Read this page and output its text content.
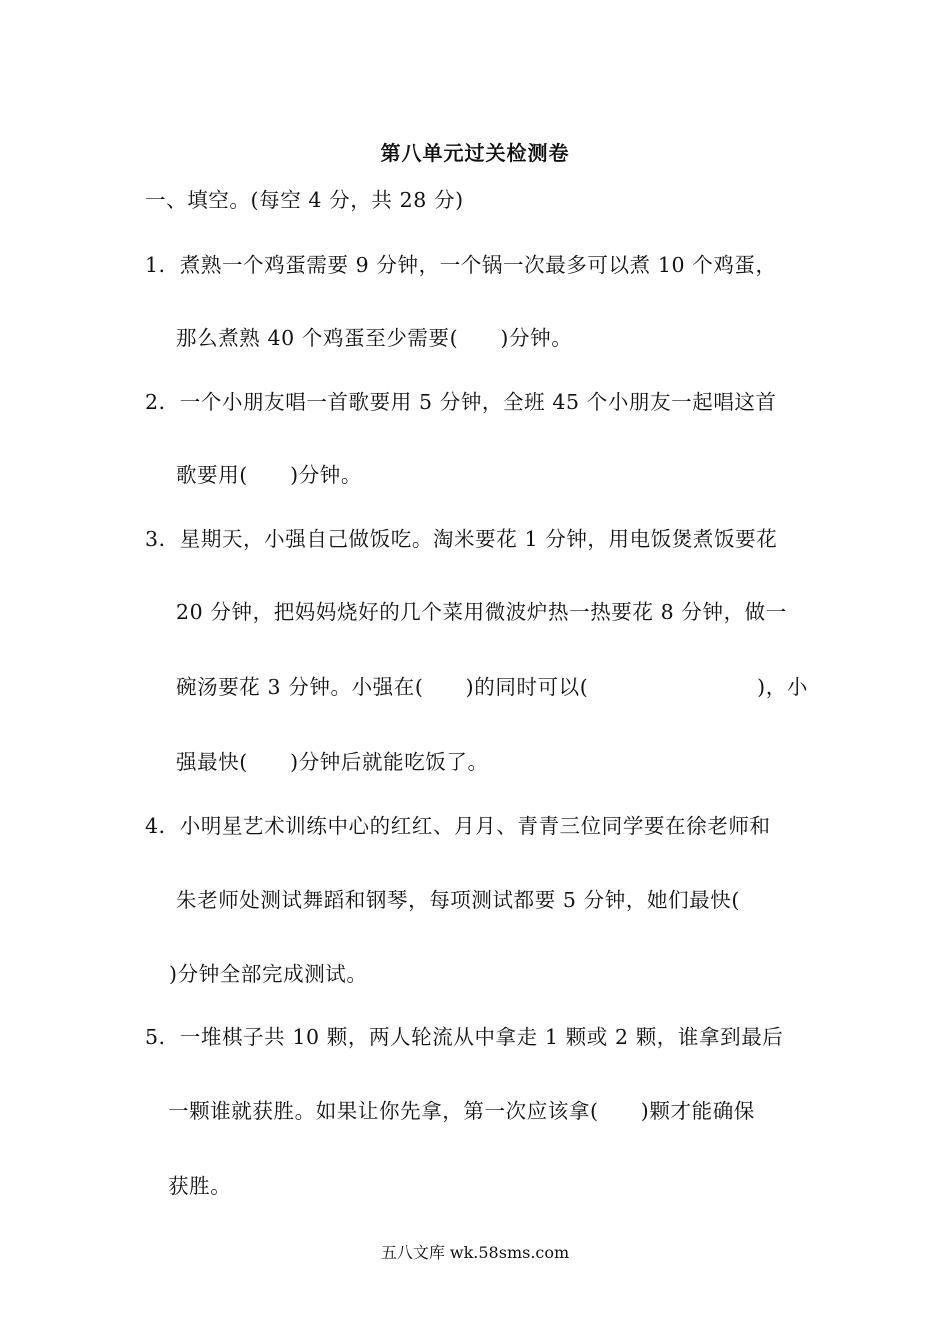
第八单元过关检测卷
一、填空。(每空 4 分，共 28 分)
1．煮熟一个鸡蛋需要 9 分钟，一个锅一次最多可以煮 10 个鸡蛋，
那么煮熟 40 个鸡蛋至少需要(　　)分钟。
2．一个小朋友唱一首歌要用 5 分钟，全班 45 个小朋友一起唱这首
歌要用(　　)分钟。
3．星期天，小强自己做饭吃。淘米要花 1 分钟，用电饭煲煮饭要花
20 分钟，把妈妈烧好的几个菜用微波炉热一热要花 8 分钟，做一
碗汤要花 3 分钟。小强在(　　)的同时可以(　　　　　　　　)，小
强最快(　　)分钟后就能吃饭了。
4．小明星艺术训练中心的红红、月月、青青三位同学要在徐老师和
朱老师处测试舞蹈和钢琴，每项测试都要 5 分钟，她们最快(
)分钟全部完成测试。
5．一堆棋子共 10 颗，两人轮流从中拿走 1 颗或 2 颗，谁拿到最后
一颗谁就获胜。如果让你先拿，第一次应该拿(　　)颗才能确保
获胜。
五八文库 wk.58sms.com
